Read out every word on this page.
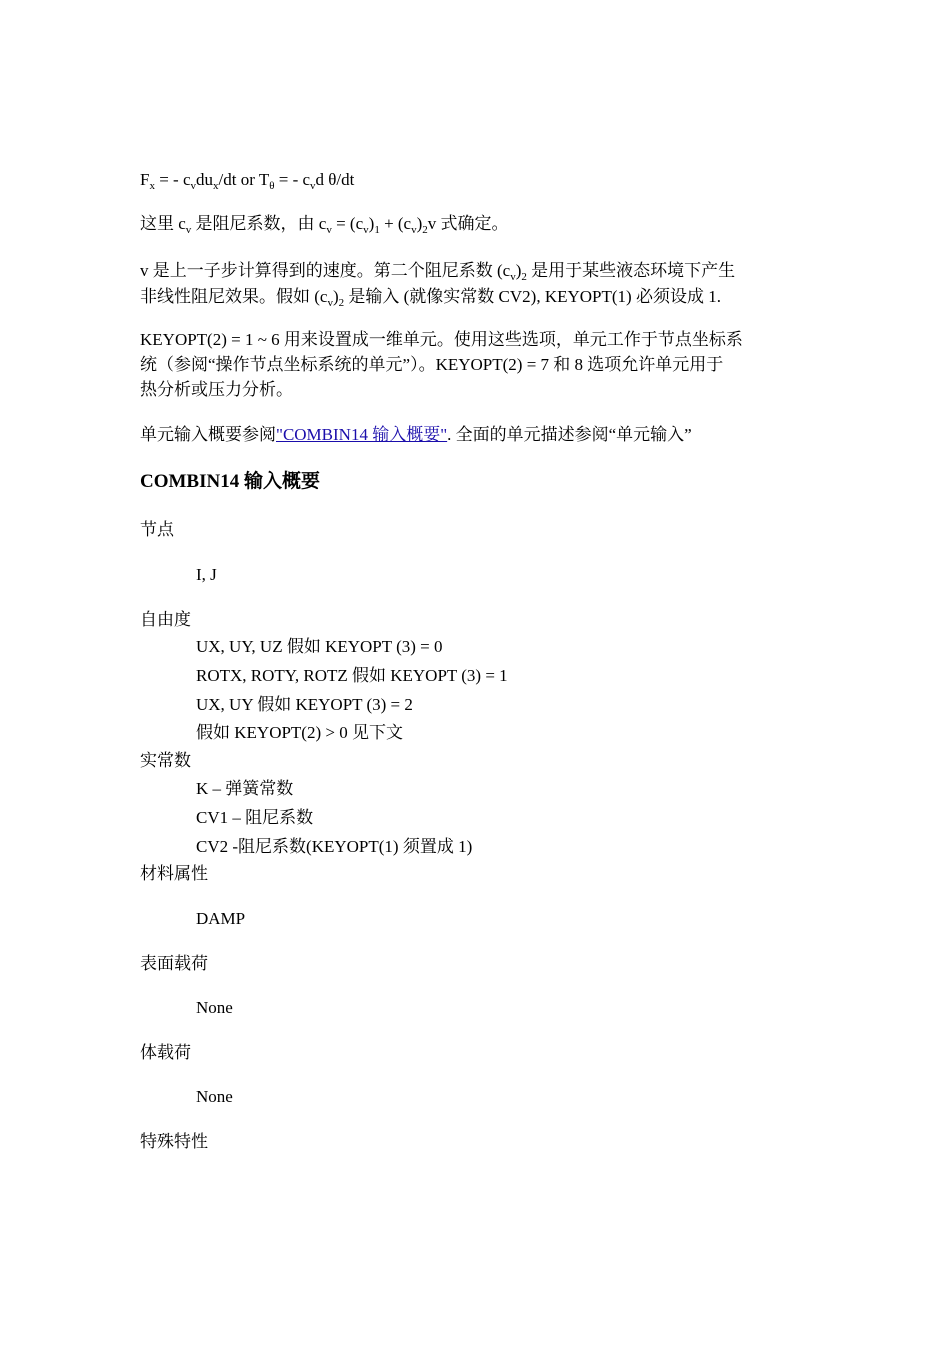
$F_x$ = - $c_vdu_x/dt$ or $T_\theta$ = - $c_vd$ θ/dt
这里 $c_v$ 是阻尼系数，由 $c_v = (c_v)_1 + (c_v)_2v$ 式确定。
v 是上一子步计算得到的速度。第二个阻尼系数 $(c_v)_2$ 是用于某些液态环境下产生
非线性阻尼效果。假如 $(c_v)_2$ 是输入 (就像实常数 CV2), KEYOPT(1) 必须设成 1.
KEYOPT(2) = 1 ~ 6 用来设置成一维单元。使用这些选项，单元工作于节点坐标系
统（参阅“操作节点坐标系统的单元”）。KEYOPT(2) = 7 和 8 选项允许单元用于
热分析或压力分析。
单元输入概要参阅"COMBIN14 输入概要". 全面的单元描述参阅“单元输入”
COMBIN14 输入概要
节点
I, J
自由度
UX, UY, UZ 假如 KEYOPT (3) = 0
ROTX, ROTY, ROTZ 假如 KEYOPT (3) = 1
UX, UY 假如 KEYOPT (3) = 2
假如 KEYOPT(2) > 0 见下文
实常数
K – 弹簧常数
CV1 – 阻尼系数
CV2 -阻尼系数(KEYOPT(1) 须置成 1)
材料属性
DAMP
表面载荷
None
体载荷
None
特殊特性
